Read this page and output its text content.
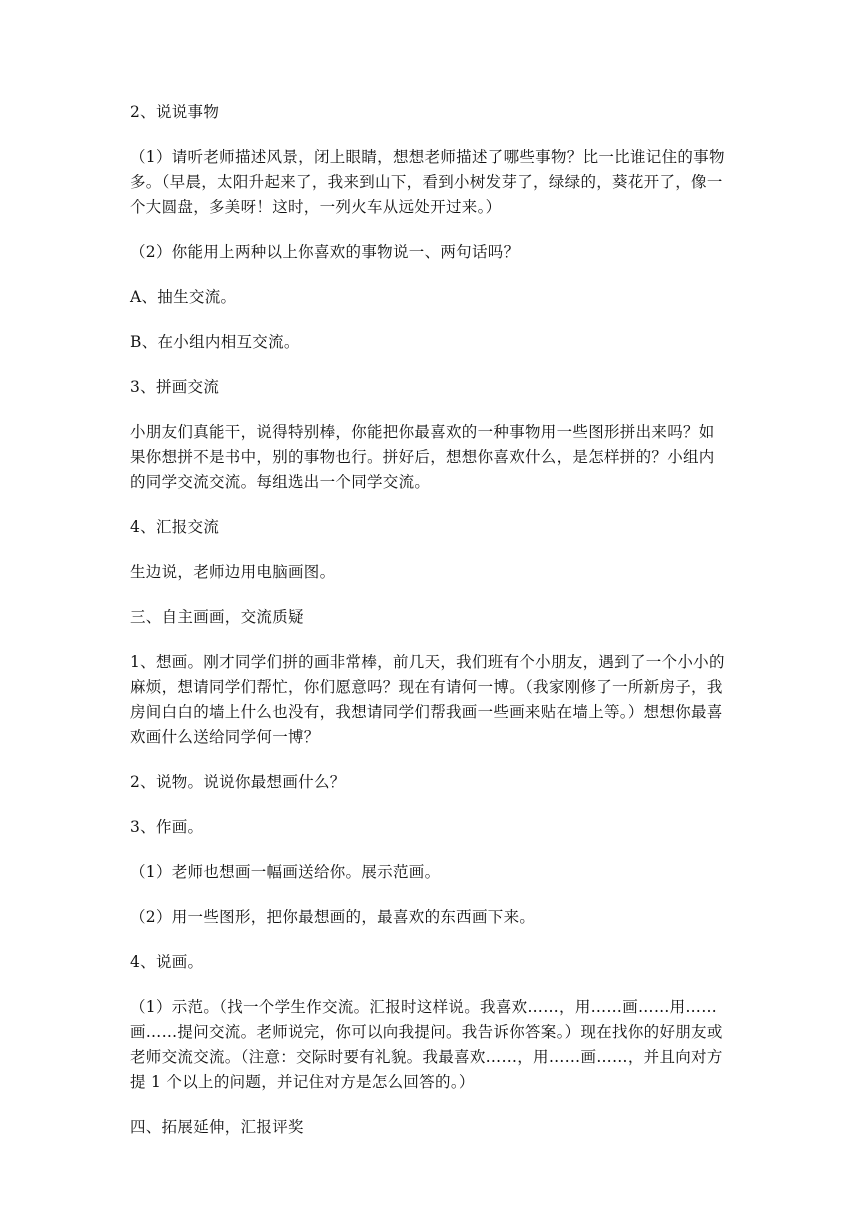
2、说说事物

（1）请听老师描述风景，闭上眼睛，想想老师描述了哪些事物？比一比谁记住的事物多。（早晨，太阳升起来了，我来到山下，看到小树发芽了，绿绿的，葵花开了，像一个大圆盘，多美呀！这时，一列火车从远处开过来。）

（2）你能用上两种以上你喜欢的事物说一、两句话吗？

A、抽生交流。

B、在小组内相互交流。

3、拼画交流

小朋友们真能干，说得特别棒，你能把你最喜欢的一种事物用一些图形拼出来吗？如果你想拼不是书中，别的事物也行。拼好后，想想你喜欢什么，是怎样拼的？小组内的同学交流交流。每组选出一个同学交流。

4、汇报交流

生边说，老师边用电脑画图。

三、自主画画，交流质疑

1、想画。刚才同学们拼的画非常棒，前几天，我们班有个小朋友，遇到了一个小小的麻烦，想请同学们帮忙，你们愿意吗？现在有请何一博。（我家刚修了一所新房子，我房间白白的墙上什么也没有，我想请同学们帮我画一些画来贴在墙上等。）想想你最喜欢画什么送给同学何一博？

2、说物。说说你最想画什么？

3、作画。

（1）老师也想画一幅画送给你。展示范画。

（2）用一些图形，把你最想画的，最喜欢的东西画下来。

4、说画。

（1）示范。（找一个学生作交流。汇报时这样说。我喜欢……，用……画……用……画……提问交流。老师说完，你可以向我提问。我告诉你答案。）现在找你的好朋友或老师交流交流。（注意：交际时要有礼貌。我最喜欢……，用……画……，并且向对方提 1 个以上的问题，并记住对方是怎么回答的。）

四、拓展延伸，汇报评奖
